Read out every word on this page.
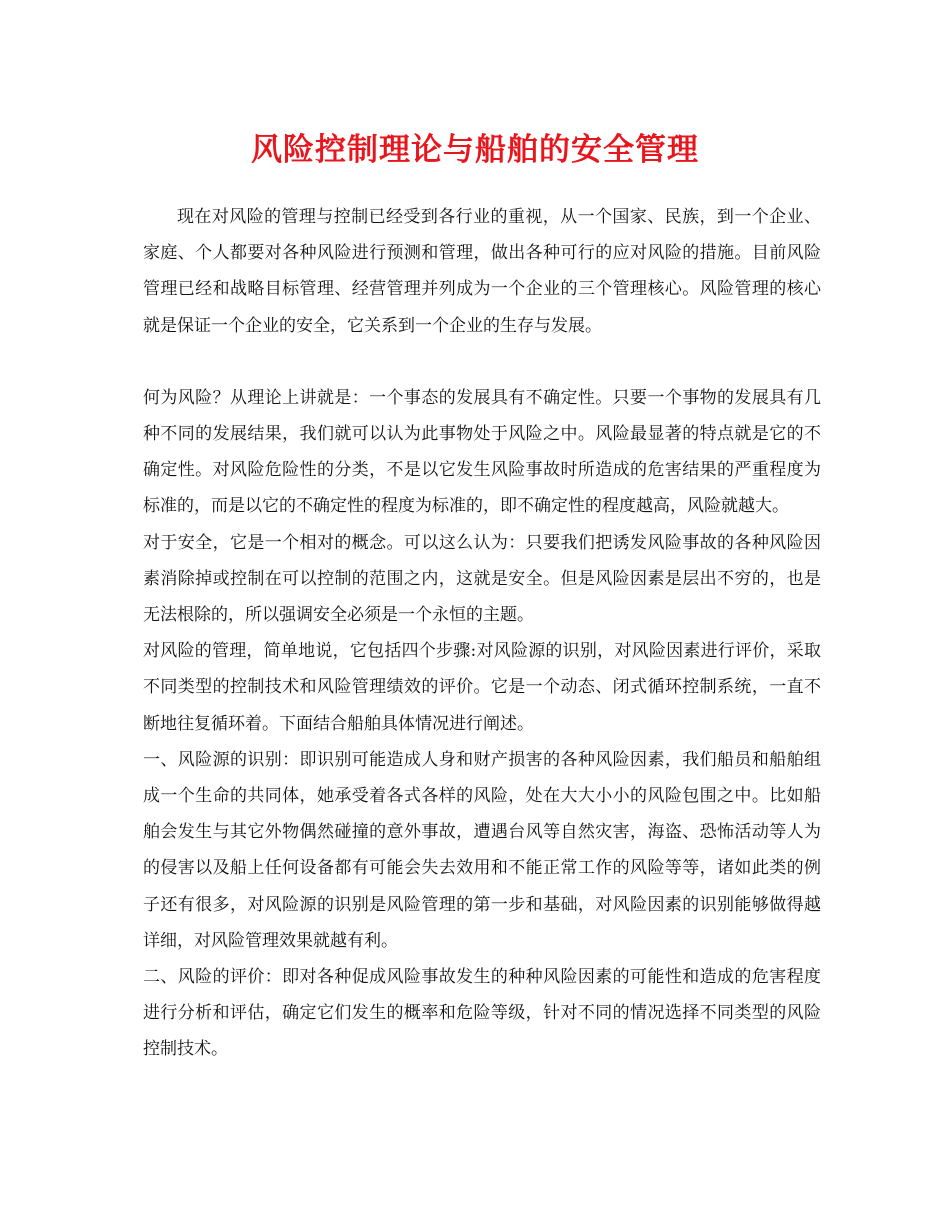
风险控制理论与船舶的安全管理

现在对风险的管理与控制已经受到各行业的重视，从一个国家、民族，到一个企业、家庭、个人都要对各种风险进行预测和管理，做出各种可行的应对风险的措施。目前风险管理已经和战略目标管理、经营管理并列成为一个企业的三个管理核心。风险管理的核心就是保证一个企业的安全，它关系到一个企业的生存与发展。

何为风险？从理论上讲就是：一个事态的发展具有不确定性。只要一个事物的发展具有几种不同的发展结果，我们就可以认为此事物处于风险之中。风险最显著的特点就是它的不确定性。对风险危险性的分类，不是以它发生风险事故时所造成的危害结果的严重程度为标准的，而是以它的不确定性的程度为标准的，即不确定性的程度越高，风险就越大。

对于安全，它是一个相对的概念。可以这么认为：只要我们把诱发风险事故的各种风险因素消除掉或控制在可以控制的范围之内，这就是安全。但是风险因素是层出不穷的，也是无法根除的，所以强调安全必须是一个永恒的主题。

对风险的管理，简单地说，它包括四个步骤:对风险源的识别，对风险因素进行评价，采取不同类型的控制技术和风险管理绩效的评价。它是一个动态、闭式循环控制系统，一直不断地往复循环着。下面结合船舶具体情况进行阐述。

一、风险源的识别：即识别可能造成人身和财产损害的各种风险因素，我们船员和船舶组成一个生命的共同体，她承受着各式各样的风险，处在大大小小的风险包围之中。比如船舶会发生与其它外物偶然碰撞的意外事故，遭遇台风等自然灾害，海盗、恐怖活动等人为的侵害以及船上任何设备都有可能会失去效用和不能正常工作的风险等等，诸如此类的例子还有很多，对风险源的识别是风险管理的第一步和基础，对风险因素的识别能够做得越详细，对风险管理效果就越有利。

二、风险的评价：即对各种促成风险事故发生的种种风险因素的可能性和造成的危害程度进行分析和评估，确定它们发生的概率和危险等级，针对不同的情况选择不同类型的风险控制技术。
